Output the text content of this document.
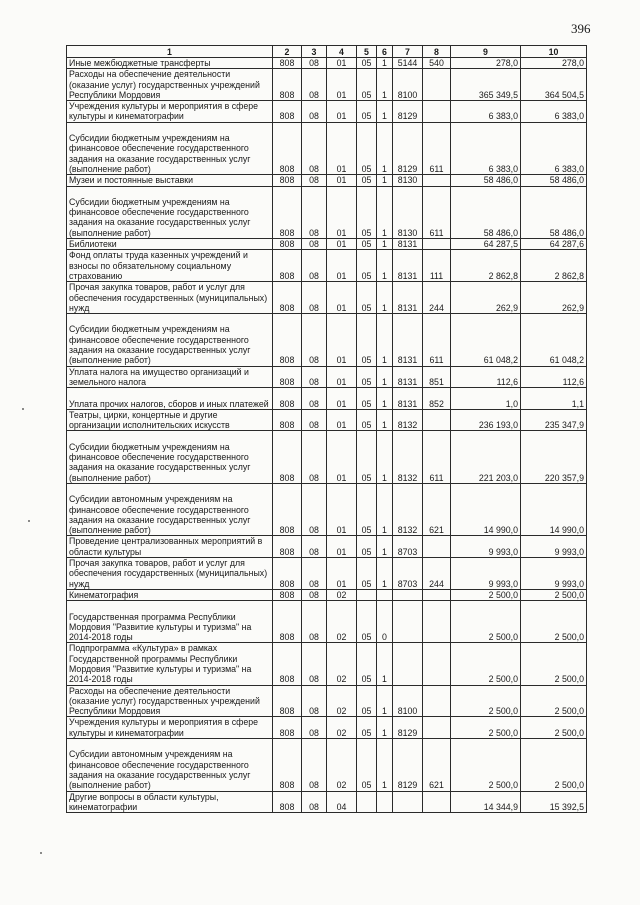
396
1	2	3	4	5	6	7	8	9	10
Иные межбюджетные трансферты	808	08	01	05	1	5144	540	278,0	278,0
Расходы на обеспечение деятельности (оказание услуг) государственных учреждений Республики Мордовия	808	08	01	05	1	8100		365 349,5	364 504,5
Учреждения культуры и мероприятия в сфере культуры и кинематографии	808	08	01	05	1	8129		6 383,0	6 383,0
Субсидии бюджетным учреждениям на финансовое обеспечение государственного задания на оказание государственных услуг (выполнение работ)	808	08	01	05	1	8129	611	6 383,0	6 383,0
Музеи и постоянные выставки	808	08	01	05	1	8130		58 486,0	58 486,0
Субсидии бюджетным учреждениям на финансовое обеспечение государственного задания на оказание государственных услуг (выполнение работ)	808	08	01	05	1	8130	611	58 486,0	58 486,0
Библиотеки	808	08	01	05	1	8131		64 287,5	64 287,6
Фонд оплаты труда казенных учреждений и взносы по обязательному социальному страхованию	808	08	01	05	1	8131	111	2 862,8	2 862,8
Прочая закупка товаров, работ и услуг для обеспечения государственных (муниципальных) нужд	808	08	01	05	1	8131	244	262,9	262,9
Субсидии бюджетным учреждениям на финансовое обеспечение государственного задания на оказание государственных услуг (выполнение работ)	808	08	01	05	1	8131	611	61 048,2	61 048,2
Уплата налога на имущество организаций и земельного налога	808	08	01	05	1	8131	851	112,6	112,6
Уплата прочих налогов, сборов и иных платежей	808	08	01	05	1	8131	852	1,0	1,1
Театры, цирки, концертные и другие организации исполнительских искусств	808	08	01	05	1	8132		236 193,0	235 347,9
Субсидии бюджетным учреждениям на финансовое обеспечение государственного задания на оказание государственных услуг (выполнение работ)	808	08	01	05	1	8132	611	221 203,0	220 357,9
Субсидии автономным учреждениям на финансовое обеспечение государственного задания на оказание государственных услуг (выполнение работ)	808	08	01	05	1	8132	621	14 990,0	14 990,0
Проведение централизованных мероприятий в области культуры	808	08	01	05	1	8703		9 993,0	9 993,0
Прочая закупка товаров, работ и услуг для обеспечения государственных (муниципальных) нужд	808	08	01	05	1	8703	244	9 993,0	9 993,0
Кинематография	808	08	02					2 500,0	2 500,0
Государственная программа Республики Мордовия "Развитие культуры и туризма" на 2014-2018 годы	808	08	02	05	0			2 500,0	2 500,0
Подпрограмма «Культура» в рамках Государственной программы Республики Мордовия "Развитие культуры и туризма" на 2014-2018 годы	808	08	02	05	1			2 500,0	2 500,0
Расходы на обеспечение деятельности (оказание услуг) государственных учреждений Республики Мордовия	808	08	02	05	1	8100		2 500,0	2 500,0
Учреждения культуры и мероприятия в сфере культуры и кинематографии	808	08	02	05	1	8129		2 500,0	2 500,0
Субсидии автономным учреждениям на финансовое обеспечение государственного задания на оказание государственных услуг (выполнение работ)	808	08	02	05	1	8129	621	2 500,0	2 500,0
Другие вопросы в области культуры, кинематографии	808	08	04					14 344,9	15 392,5
